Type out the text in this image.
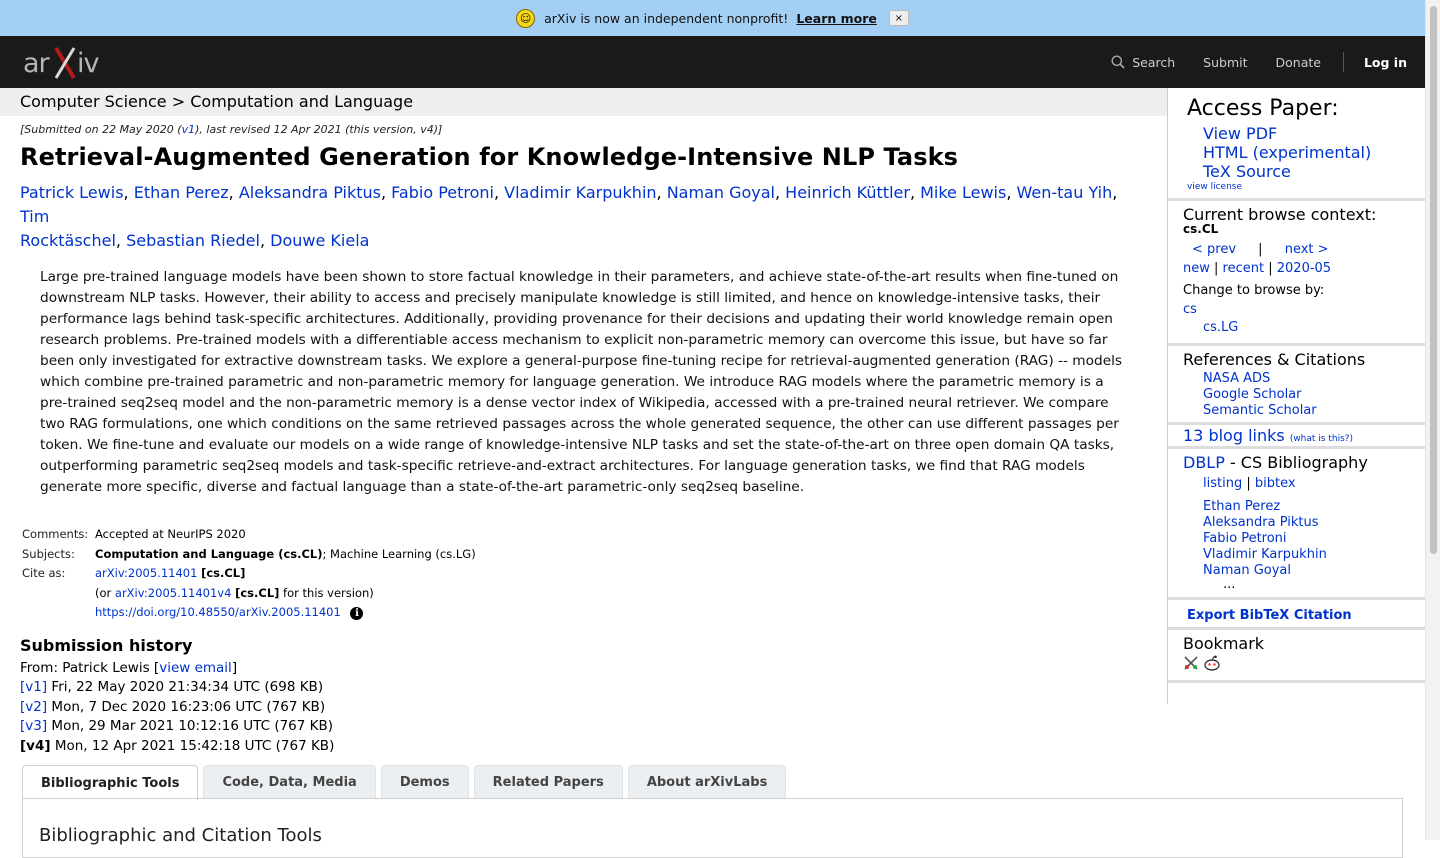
☺	arXiv is now an independent nonprofit! Learn more	×
ar iv	Search Submit Donate	Log in
Computer Science > Computation and Language
[Submitted on 22 May 2020 (v1), last revised 12 Apr 2021 (this version, v4)]
Retrieval-Augmented Generation for Knowledge-Intensive NLP Tasks
Patrick Lewis, Ethan Perez, Aleksandra Piktus, Fabio Petroni, Vladimir Karpukhin, Naman Goyal, Heinrich Küttler, Mike Lewis, Wen-tau Yih, Tim
Rocktäschel, Sebastian Riedel, Douwe Kiela
Large pre-trained language models have been shown to store factual knowledge in their parameters, and achieve state-of-the-art results when fine-tuned on downstream NLP tasks. However, their ability to access and precisely manipulate knowledge is still limited, and hence on knowledge-intensive tasks, their performance lags behind task-specific architectures. Additionally, providing provenance for their decisions and updating their world knowledge remain open research problems. Pre-trained models with a differentiable access mechanism to explicit non-parametric memory can overcome this issue, but have so far been only investigated for extractive downstream tasks. We explore a general-purpose fine-tuning recipe for retrieval-augmented generation (RAG) -- models which combine pre-trained parametric and non-parametric memory for language generation. We introduce RAG models where the parametric memory is a pre-trained seq2seq model and the non-parametric memory is a dense vector index of Wikipedia, accessed with a pre-trained neural retriever. We compare two RAG formulations, one which conditions on the same retrieved passages across the whole generated sequence, the other can use different passages per token. We fine-tune and evaluate our models on a wide range of knowledge-intensive NLP tasks and set the state-of-the-art on three open domain QA tasks, outperforming parametric seq2seq models and task-specific retrieve-and-extract architectures. For language generation tasks, we find that RAG models generate more specific, diverse and factual language than a state-of-the-art parametric-only seq2seq baseline.
Comments:	Accepted at NeurIPS 2020
Subjects:	Computation and Language (cs.CL); Machine Learning (cs.LG)
Cite as:	arXiv:2005.11401 [cs.CL]
(or arXiv:2005.11401v4 [cs.CL] for this version)
https://doi.org/10.48550/arXiv.2005.11401 i
Submission history
From: Patrick Lewis [view email]
[v1] Fri, 22 May 2020 21:34:34 UTC (698 KB)
[v2] Mon, 7 Dec 2020 16:23:06 UTC (767 KB)
[v3] Mon, 29 Mar 2021 10:12:16 UTC (767 KB)
[v4] Mon, 12 Apr 2021 15:42:18 UTC (767 KB)
Bibliographic Tools	Code, Data, Media	Demos	Related Papers	About arXivLabs
Bibliographic and Citation Tools
Access Paper:
View PDF
HTML (experimental)
TeX Source
view license
Current browse context:
cs.CL
< prev | next >
new | recent | 2020-05
Change to browse by:
cs
cs.LG
References & Citations
NASA ADS
Google Scholar
Semantic Scholar
13 blog links (what is this?)
DBLP - CS Bibliography
listing | bibtex
Ethan Perez
Aleksandra Piktus
Fabio Petroni
Vladimir Karpukhin
Naman Goyal
...
Export BibTeX Citation
Bookmark
